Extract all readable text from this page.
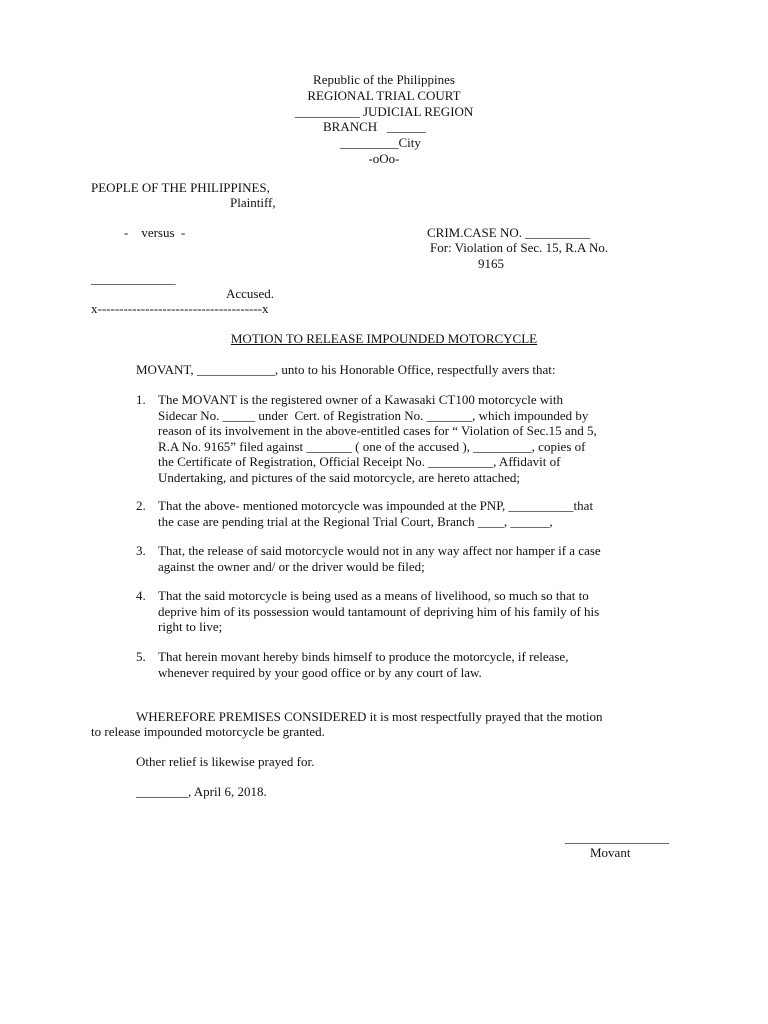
Republic of the Philippines
REGIONAL TRIAL COURT
__________ JUDICIAL REGION
BRANCH   ______
_________City
-oOo-
PEOPLE OF THE PHILIPPINES,
Plaintiff,
-    versus  -	CRIM.CASE NO. __________
For: Violation of Sec. 15, R.A No.
9165
_____________
Accused.
x--------------------------------------x
MOTION TO RELEASE IMPOUNDED MOTORCYCLE
MOVANT, ____________, unto to his Honorable Office, respectfully avers that:
1. The MOVANT is the registered owner of a Kawasaki CT100 motorcycle with
Sidecar No. _____ under  Cert. of Registration No. _______, which impounded by
reason of its involvement in the above-entitled cases for “ Violation of Sec.15 and 5,
R.A No. 9165” filed against _______ ( one of the accused ), _________, copies of
the Certificate of Registration, Official Receipt No. __________, Affidavit of
Undertaking, and pictures of the said motorcycle, are hereto attached;
2. That the above- mentioned motorcycle was impounded at the PNP, __________that
the case are pending trial at the Regional Trial Court, Branch ____, ______,
3. That, the release of said motorcycle would not in any way affect nor hamper if a case
against the owner and/ or the driver would be filed;
4. That the said motorcycle is being used as a means of livelihood, so much so that to
deprive him of its possession would tantamount of depriving him of his family of his
right to live;
5. That herein movant hereby binds himself to produce the motorcycle, if release,
whenever required by your good office or by any court of law.
WHEREFORE PREMISES CONSIDERED it is most respectfully prayed that the motion
to release impounded motorcycle be granted.
Other relief is likewise prayed for.
________, April 6, 2018.
________________
Movant
